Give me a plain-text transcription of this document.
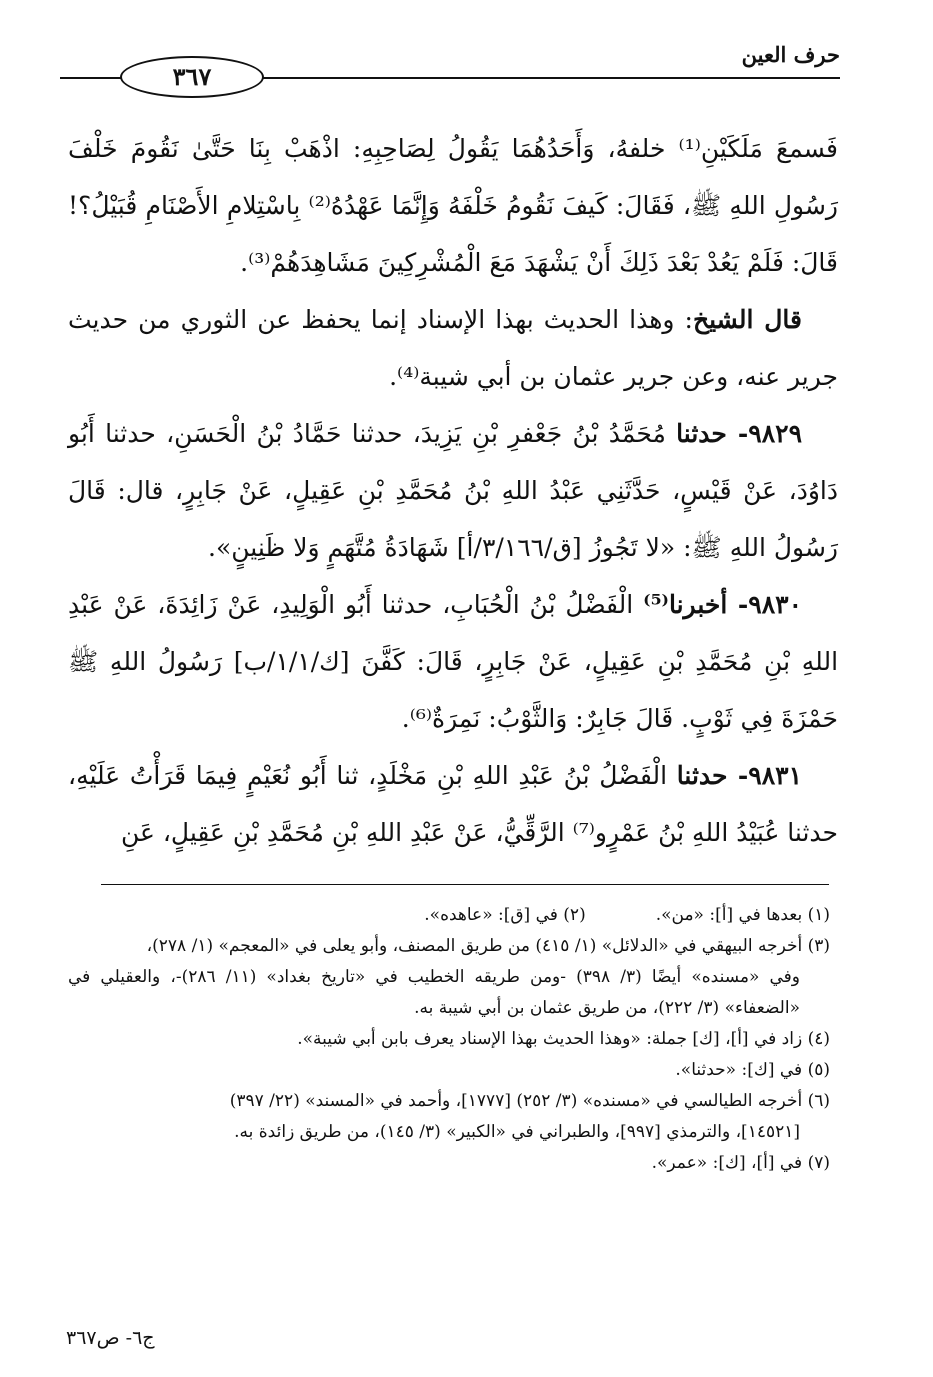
حرف العين
٣٦٧

فَسمعَ مَلَكَيْنِ⁽¹⁾ خلفهُ، وَأَحَدُهُمَا يَقُولُ لِصَاحِبِهِ: اذْهَبْ بِنَا حَتَّىٰ نَقُومَ خَلْفَ رَسُولِ اللهِ ﷺ، فَقَالَ: كَيفَ نَقُومُ خَلْفَهُ وَإِنَّمَا عَهْدُهُ⁽²⁾ بِاسْتِلامِ الأَصْنَامِ قُبَيْلُ؟! قَالَ: فَلَمْ يَعُدْ بَعْدَ ذَلِكَ أَنْ يَشْهَدَ مَعَ الْمُشْرِكِينَ مَشَاهِدَهُمْ⁽³⁾.

قال الشيخ: وهذا الحديث بهذا الإسناد إنما يحفظ عن الثوري من حديث جرير عنه، وعن جرير عثمان بن أبي شيبة⁽⁴⁾.

٩٨٢٩- حدثنا مُحَمَّدُ بْنُ جَعْفرِ بْنِ يَزِيدَ، حدثنا حَمَّادُ بْنُ الْحَسَنِ، حدثنا أَبُو دَاوُدَ، عَنْ قَيْسٍ، حَدَّثَنِي عَبْدُ اللهِ بْنُ مُحَمَّدِ بْنِ عَقِيلٍ، عَنْ جَابِرٍ، قال: قَالَ رَسُولُ اللهِ ﷺ: «لا تَجُوزُ [ق/٣/١٦٦/أ] شَهَادَةُ مُتَّهَمٍ وَلا ظَنِينٍ».

٩٨٣٠- أخبرنا⁽⁵⁾ الْفَضْلُ بْنُ الْحُبَابِ، حدثنا أَبُو الْوَلِيدِ، عَنْ زَائِدَةَ، عَنْ عَبْدِ اللهِ بْنِ مُحَمَّدِ بْنِ عَقِيلٍ، عَنْ جَابِرٍ، قَالَ: كَفَّنَ [ك/١/١/ب] رَسُولُ اللهِ ﷺ حَمْزَةَ فِي ثَوْبٍ. قَالَ جَابِرٌ: وَالثَّوْبُ: نَمِرَةٌ⁽⁶⁾.

٩٨٣١- حدثنا الْفَضْلُ بْنُ عَبْدِ اللهِ بْنِ مَخْلَدٍ، ثنا أَبُو نُعَيْمٍ فِيمَا قَرَأْتُ عَلَيْهِ، حدثنا عُبَيْدُ اللهِ بْنُ عَمْرٍو⁽⁷⁾ الرَّقِّيُّ، عَنْ عَبْدِ اللهِ بْنِ مُحَمَّدِ بْنِ عَقِيلٍ، عَنِ

(١) بعدها في [أ]: «من».
(٢) في [ق]: «عاهده».

(٣) أخرجه البيهقي في «الدلائل» (١/ ٤١٥) من طريق المصنف، وأبو يعلى في «المعجم» (١/ ٢٧٨)،

وفي «مسنده» أيضًا (٣/ ٣٩٨) -ومن طريقه الخطيب في «تاريخ بغداد» (١١/ ٢٨٦)-، والعقيلي في «الضعفاء» (٣/ ٢٢٢)، من طريق عثمان بن أبي شيبة به.

(٤) زاد في [أ]، [ك] جملة: «وهذا الحديث بهذا الإسناد يعرف بابن أبي شيبة».

(٥) في [ك]: «حدثنا».

(٦) أخرجه الطيالسي في «مسنده» (٣/ ٢٥٢) [١٧٧٧]، وأحمد في «المسند» (٢٢/ ٣٩٧)

[١٤٥٢١]، والترمذي [٩٩٧]، والطبراني في «الكبير» (٣/ ١٤٥)، من طريق زائدة به.

(٧) في [أ]، [ك]: «عمر».

ج٦- ص٣٦٧
